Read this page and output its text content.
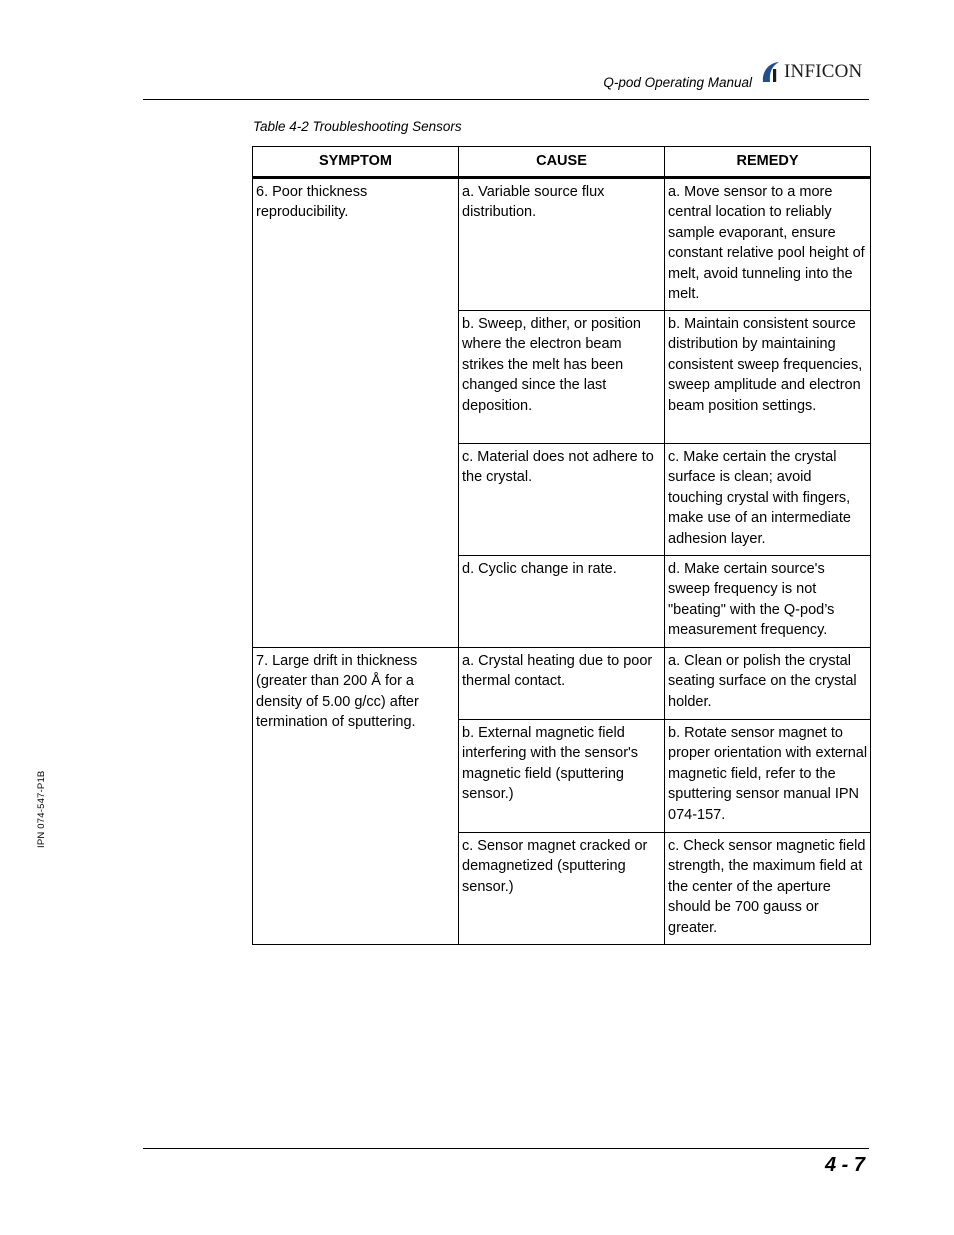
Q-pod Operating Manual
INFICON
Table 4-2 Troubleshooting Sensors
SYMPTOM	CAUSE	REMEDY
6. Poor thickness reproducibility.	a. Variable source flux distribution.	a. Move sensor to a more central location to reliably sample evaporant, ensure constant relative pool height of melt, avoid tunneling into the melt.
	b. Sweep, dither, or position where the electron beam strikes the melt has been changed since the last deposition.	b. Maintain consistent source distribution by maintaining consistent sweep frequencies, sweep amplitude and electron beam position settings.
	c. Material does not adhere to the crystal.	c. Make certain the crystal surface is clean; avoid touching crystal with fingers, make use of an intermediate adhesion layer.
	d. Cyclic change in rate.	d. Make certain source's sweep frequency is not "beating" with the Q-pod’s measurement frequency.
7. Large drift in thickness (greater than 200 Å for a density of 5.00 g/cc) after termination of sputtering.	a. Crystal heating due to poor thermal contact.	a. Clean or polish the crystal seating surface on the crystal holder.
	b. External magnetic field interfering with the sensor's magnetic field (sputtering sensor.)	b. Rotate sensor magnet to proper orientation with external magnetic field, refer to the sputtering sensor manual IPN 074-157.
	c. Sensor magnet cracked or demagnetized (sputtering sensor.)	c. Check sensor magnetic field strength, the maximum field at the center of the aperture should be 700 gauss or greater.
IPN 074-547-P1B
4 - 7
